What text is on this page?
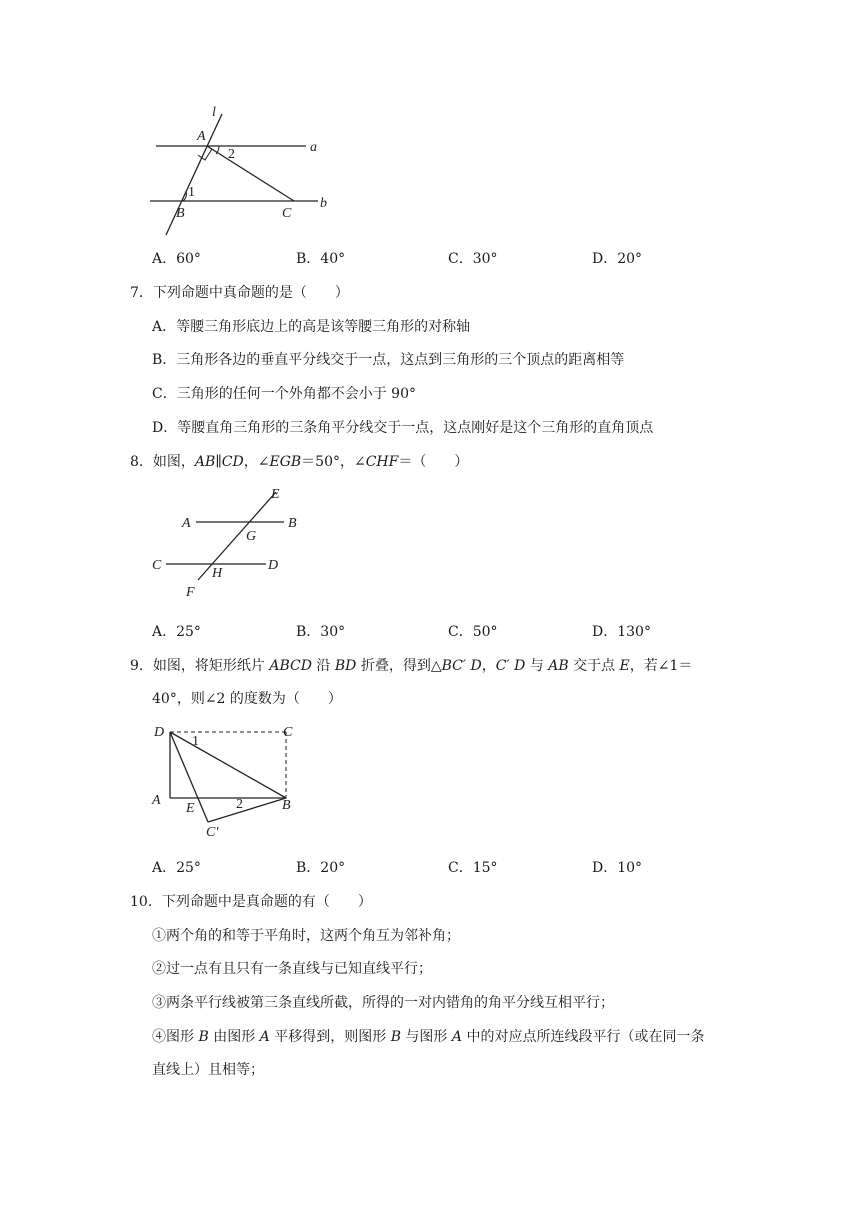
l
a
b
A
B	C
1
2
A．60°	B．40°	C．30°	D．20°
7．下列命题中真命题的是（　　）
A．等腰三角形底边上的高是该等腰三角形的对称轴
B．三角形各边的垂直平分线交于一点，这点到三角形的三个顶点的距离相等
C．三角形的任何一个外角都不会小于 90°
D．等腰直角三角形的三条角平分线交于一点，这点刚好是这个三角形的直角顶点
8．如图，AB∥CD，∠EGB＝50°，∠CHF＝（　　）
E
A	B
G
C	D
H
F
A．25°	B．30°	C．50°	D．130°
9．如图，将矩形纸片 ABCD 沿 BD 折叠，得到△BC′ D，C′ D 与 AB 交于点 E，若∠1＝
40°，则∠2 的度数为（　　）
D	C
A
E	B
C′
1
2
A．25°	B．20°	C．15°	D．10°
10．下列命题中是真命题的有（　　）
①两个角的和等于平角时，这两个角互为邻补角；
②过一点有且只有一条直线与已知直线平行；
③两条平行线被第三条直线所截，所得的一对内错角的角平分线互相平行；
④图形 B 由图形 A 平移得到，则图形 B 与图形 A 中的对应点所连线段平行（或在同一条
直线上）且相等；
